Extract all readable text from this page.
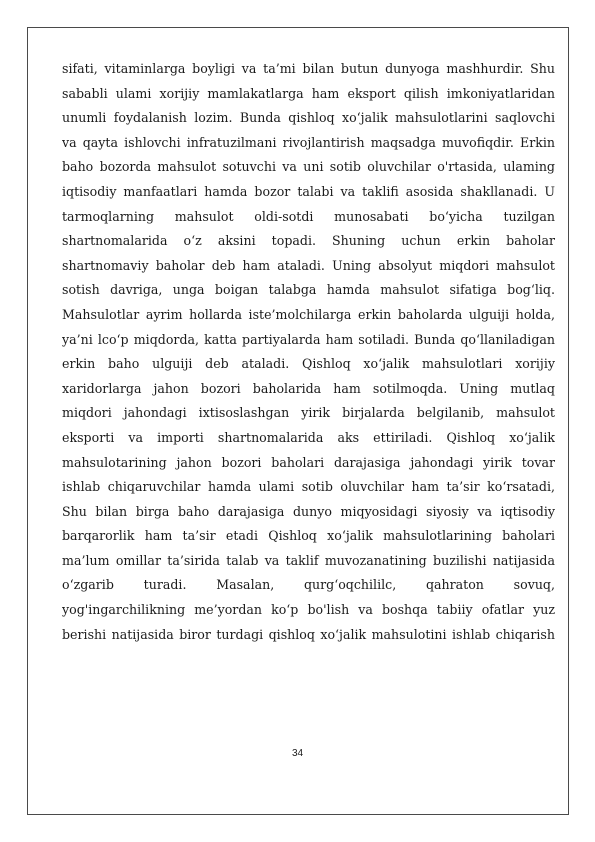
sifati, vitaminlarga boyligi va ta’mi bilan butun dunyoga mashhurdir. Shu
sababli ulami xorijiy mamlakatlarga ham eksport qilish imkoniyatlaridan
unumli foydalanish lozim. Bunda qishloq xo‘jalik mahsulotlarini saqlovchi
va qayta ishlovchi infratuzilmani rivojlantirish maqsadga muvofiqdir. Erkin
baho bozorda mahsulot sotuvchi va uni sotib oluvchilar o'rtasida, ulaming
iqtisodiy manfaatlari hamda bozor talabi va taklifi asosida shakllanadi. U
tarmoqlarning mahsulot oldi-sotdi munosabati bo‘yicha tuzilgan
shartnomalarida o‘z aksini topadi. Shuning uchun erkin baholar
shartnomaviy baholar deb ham ataladi. Uning absolyut miqdori mahsulot
sotish davriga, unga boigan talabga hamda mahsulot sifatiga bog‘liq.
Mahsulotlar ayrim hollarda iste’molchilarga erkin baholarda ulguiji holda,
ya’ni lco‘p miqdorda, katta partiyalarda ham sotiladi. Bunda qo‘llaniladigan
erkin baho ulguiji deb ataladi. Qishloq xo‘jalik mahsulotlari xorijiy
xaridorlarga jahon bozori baholarida ham sotilmoqda. Uning mutlaq
miqdori jahondagi ixtisoslashgan yirik birjalarda belgilanib, mahsulot
eksporti va importi shartnomalarida aks ettiriladi. Qishloq xo‘jalik
mahsulotarining jahon bozori baholari darajasiga jahondagi yirik tovar
ishlab chiqaruvchilar hamda ulami sotib oluvchilar ham ta’sir ko‘rsatadi,
Shu bilan birga baho darajasiga dunyo miqyosidagi siyosiy va iqtisodiy
barqarorlik ham ta’sir etadi Qishloq xo‘jalik mahsulotlarining baholari
ma’lum omillar ta’sirida talab va taklif muvozanatining buzilishi natijasida
o‘zgarib turadi. Masalan, qurg‘oqchililc, qahraton sovuq,
yog'ingarchilikning me’yordan ko‘p bo'lish va boshqa tabiiy ofatlar yuz
berishi natijasida biror turdagi qishloq xo‘jalik mahsulotini ishlab chiqarish
34
